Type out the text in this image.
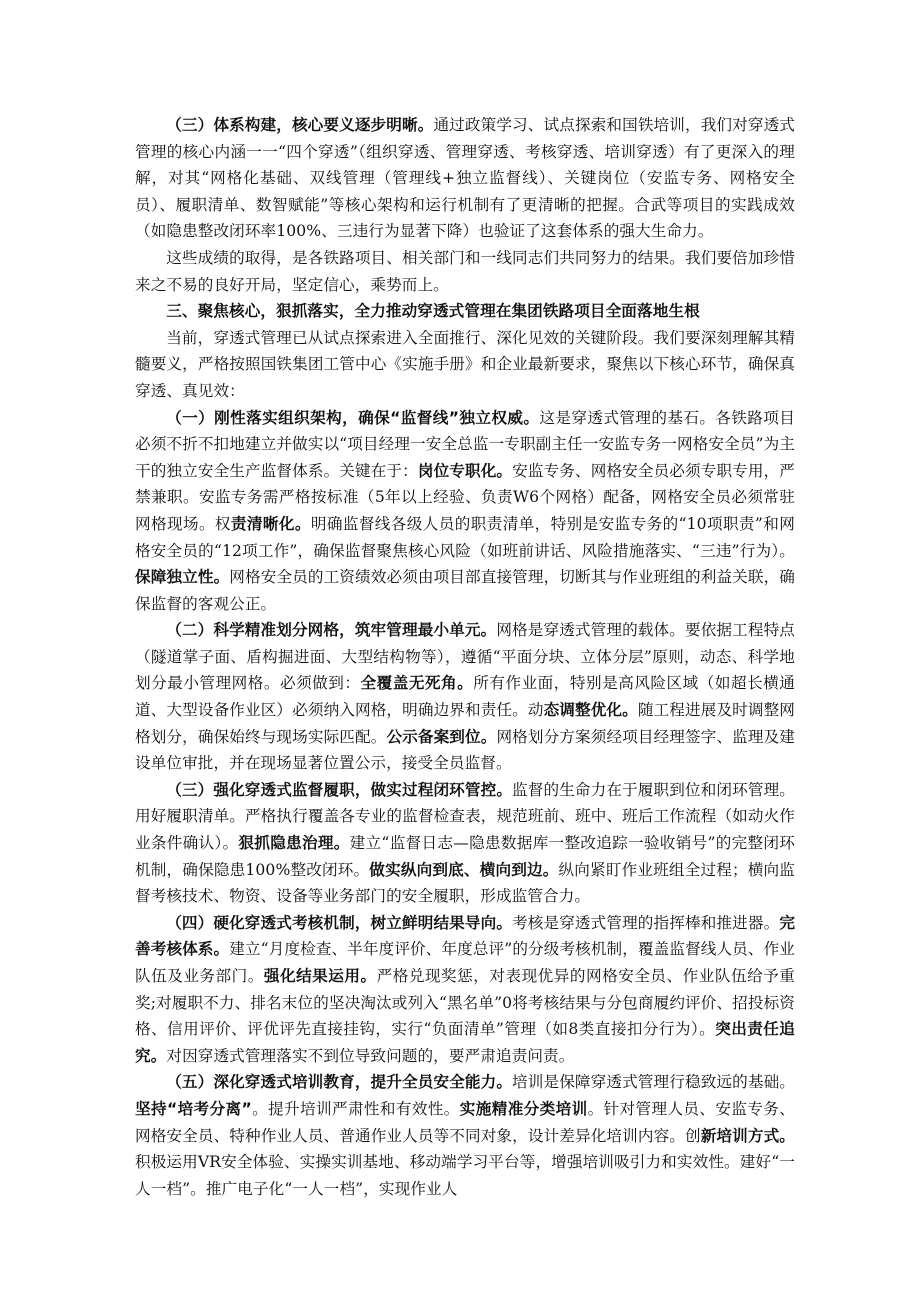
（三）体系构建，核心要义逐步明晰。通过政策学习、试点探索和国铁培训，我们对穿透式管理的核心内涵一一“四个穿透”（组织穿透、管理穿透、考核穿透、培训穿透）有了更深入的理解，对其“网格化基础、双线管理（管理线+独立监督线）、关键岗位（安监专务、网格安全员）、履职清单、数智赋能”等核心架构和运行机制有了更清晰的把握。合武等项目的实践成效（如隐患整改闭环率100%、三违行为显著下降）也验证了这套体系的强大生命力。

这些成绩的取得，是各铁路项目、相关部门和一线同志们共同努力的结果。我们要倍加珍惜来之不易的良好开局，坚定信心，乘势而上。

三、聚焦核心，狠抓落实，全力推动穿透式管理在集团铁路项目全面落地生根

当前，穿透式管理已从试点探索进入全面推行、深化见效的关键阶段。我们要深刻理解其精髓要义，严格按照国铁集团工管中心《实施手册》和企业最新要求，聚焦以下核心环节，确保真穿透、真见效：

（一）刚性落实组织架构，确保“监督线”独立权威。这是穿透式管理的基石。各铁路项目必须不折不扣地建立并做实以“项目经理一安全总监一专职副主任一安监专务一网格安全员”为主干的独立安全生产监督体系。关键在于：岗位专职化。安监专务、网格安全员必须专职专用，严禁兼职。安监专务需严格按标准（5年以上经验、负责W6个网格）配备，网格安全员必须常驻网格现场。权责清晰化。明确监督线各级人员的职责清单，特别是安监专务的“10项职责”和网格安全员的“12项工作”，确保监督聚焦核心风险（如班前讲话、风险措施落实、“三违”行为）。保障独立性。网格安全员的工资绩效必须由项目部直接管理，切断其与作业班组的利益关联，确保监督的客观公正。

（二）科学精准划分网格，筑牢管理最小单元。网格是穿透式管理的载体。要依据工程特点（隧道掌子面、盾构掘进面、大型结构物等），遵循“平面分块、立体分层”原则，动态、科学地划分最小管理网格。必须做到：全覆盖无死角。所有作业面，特别是高风险区域（如超长横通道、大型设备作业区）必须纳入网格，明确边界和责任。动态调整优化。随工程进展及时调整网格划分，确保始终与现场实际匹配。公示备案到位。网格划分方案须经项目经理签字、监理及建设单位审批，并在现场显著位置公示，接受全员监督。

（三）强化穿透式监督履职，做实过程闭环管控。监督的生命力在于履职到位和闭环管理。用好履职清单。严格执行覆盖各专业的监督检查表，规范班前、班中、班后工作流程（如动火作业条件确认）。狠抓隐患治理。建立“监督日志—隐患数据库一整改追踪一验收销号”的完整闭环机制，确保隐患100%整改闭环。做实纵向到底、横向到边。纵向紧盯作业班组全过程；横向监督考核技术、物资、设备等业务部门的安全履职，形成监管合力。

（四）硬化穿透式考核机制，树立鲜明结果导向。考核是穿透式管理的指挥棒和推进器。完善考核体系。建立“月度检查、半年度评价、年度总评”的分级考核机制，覆盖监督线人员、作业队伍及业务部门。强化结果运用。严格兑现奖惩，对表现优异的网格安全员、作业队伍给予重奖;对履职不力、排名末位的坚决淘汰或列入“黑名单”0将考核结果与分包商履约评价、招投标资格、信用评价、评优评先直接挂钩，实行“负面清单”管理（如8类直接扣分行为）。突出责任追究。对因穿透式管理落实不到位导致问题的，要严肃追责问责。

（五）深化穿透式培训教育，提升全员安全能力。培训是保障穿透式管理行稳致远的基础。坚持“培考分离”。提升培训严肃性和有效性。实施精准分类培训。针对管理人员、安监专务、网格安全员、特种作业人员、普通作业人员等不同对象，设计差异化培训内容。创新培训方式。积极运用VR安全体验、实操实训基地、移动端学习平台等，增强培训吸引力和实效性。建好“一人一档”。推广电子化“一人一档”，实现作业人
